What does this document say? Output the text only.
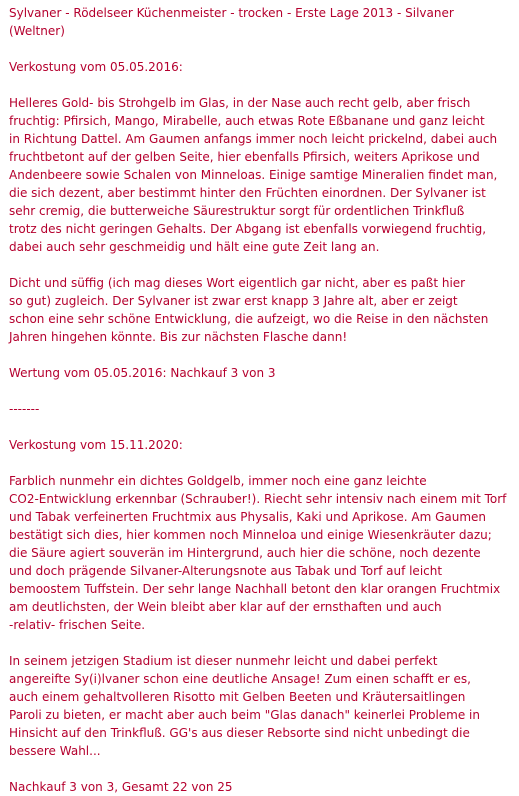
Sylvaner - Rödelseer Küchenmeister - trocken - Erste Lage 2013 - Silvaner
(Weltner)
Verkostung vom 05.05.2016:
Helleres Gold- bis Strohgelb im Glas, in der Nase auch recht gelb, aber frisch
fruchtig: Pfirsich, Mango, Mirabelle, auch etwas Rote Eßbanane und ganz leicht
in Richtung Dattel. Am Gaumen anfangs immer noch leicht prickelnd, dabei auch
fruchtbetont auf der gelben Seite, hier ebenfalls Pfirsich, weiters Aprikose und
Andenbeere sowie Schalen von Minneloas. Einige samtige Mineralien findet man,
die sich dezent, aber bestimmt hinter den Früchten einordnen. Der Sylvaner ist
sehr cremig, die butterweiche Säurestruktur sorgt für ordentlichen Trinkfluß
trotz des nicht geringen Gehalts. Der Abgang ist ebenfalls vorwiegend fruchtig,
dabei auch sehr geschmeidig und hält eine gute Zeit lang an.
Dicht und süffig (ich mag dieses Wort eigentlich gar nicht, aber es paßt hier
so gut) zugleich. Der Sylvaner ist zwar erst knapp 3 Jahre alt, aber er zeigt
schon eine sehr schöne Entwicklung, die aufzeigt, wo die Reise in den nächsten
Jahren hingehen könnte. Bis zur nächsten Flasche dann!
Wertung vom 05.05.2016: Nachkauf 3 von 3
-------
Verkostung vom 15.11.2020:
Farblich nunmehr ein dichtes Goldgelb, immer noch eine ganz leichte
CO2-Entwicklung erkennbar (Schrauber!). Riecht sehr intensiv nach einem mit Torf
und Tabak verfeinerten Fruchtmix aus Physalis, Kaki und Aprikose. Am Gaumen
bestätigt sich dies, hier kommen noch Minneloa und einige Wiesenkräuter dazu;
die Säure agiert souverän im Hintergrund, auch hier die schöne, noch dezente
und doch prägende Silvaner-Alterungsnote aus Tabak und Torf auf leicht
bemoostem Tuffstein. Der sehr lange Nachhall betont den klar orangen Fruchtmix
am deutlichsten, der Wein bleibt aber klar auf der ernsthaften und auch
-relativ- frischen Seite.
In seinem jetzigen Stadium ist dieser nunmehr leicht und dabei perfekt
angereifte Sy(i)lvaner schon eine deutliche Ansage! Zum einen schafft er es,
auch einem gehaltvolleren Risotto mit Gelben Beeten und Kräutersaitlingen
Paroli zu bieten, er macht aber auch beim "Glas danach" keinerlei Probleme in
Hinsicht auf den Trinkfluß. GG's aus dieser Rebsorte sind nicht unbedingt die
bessere Wahl...
Nachkauf 3 von 3, Gesamt 22 von 25
